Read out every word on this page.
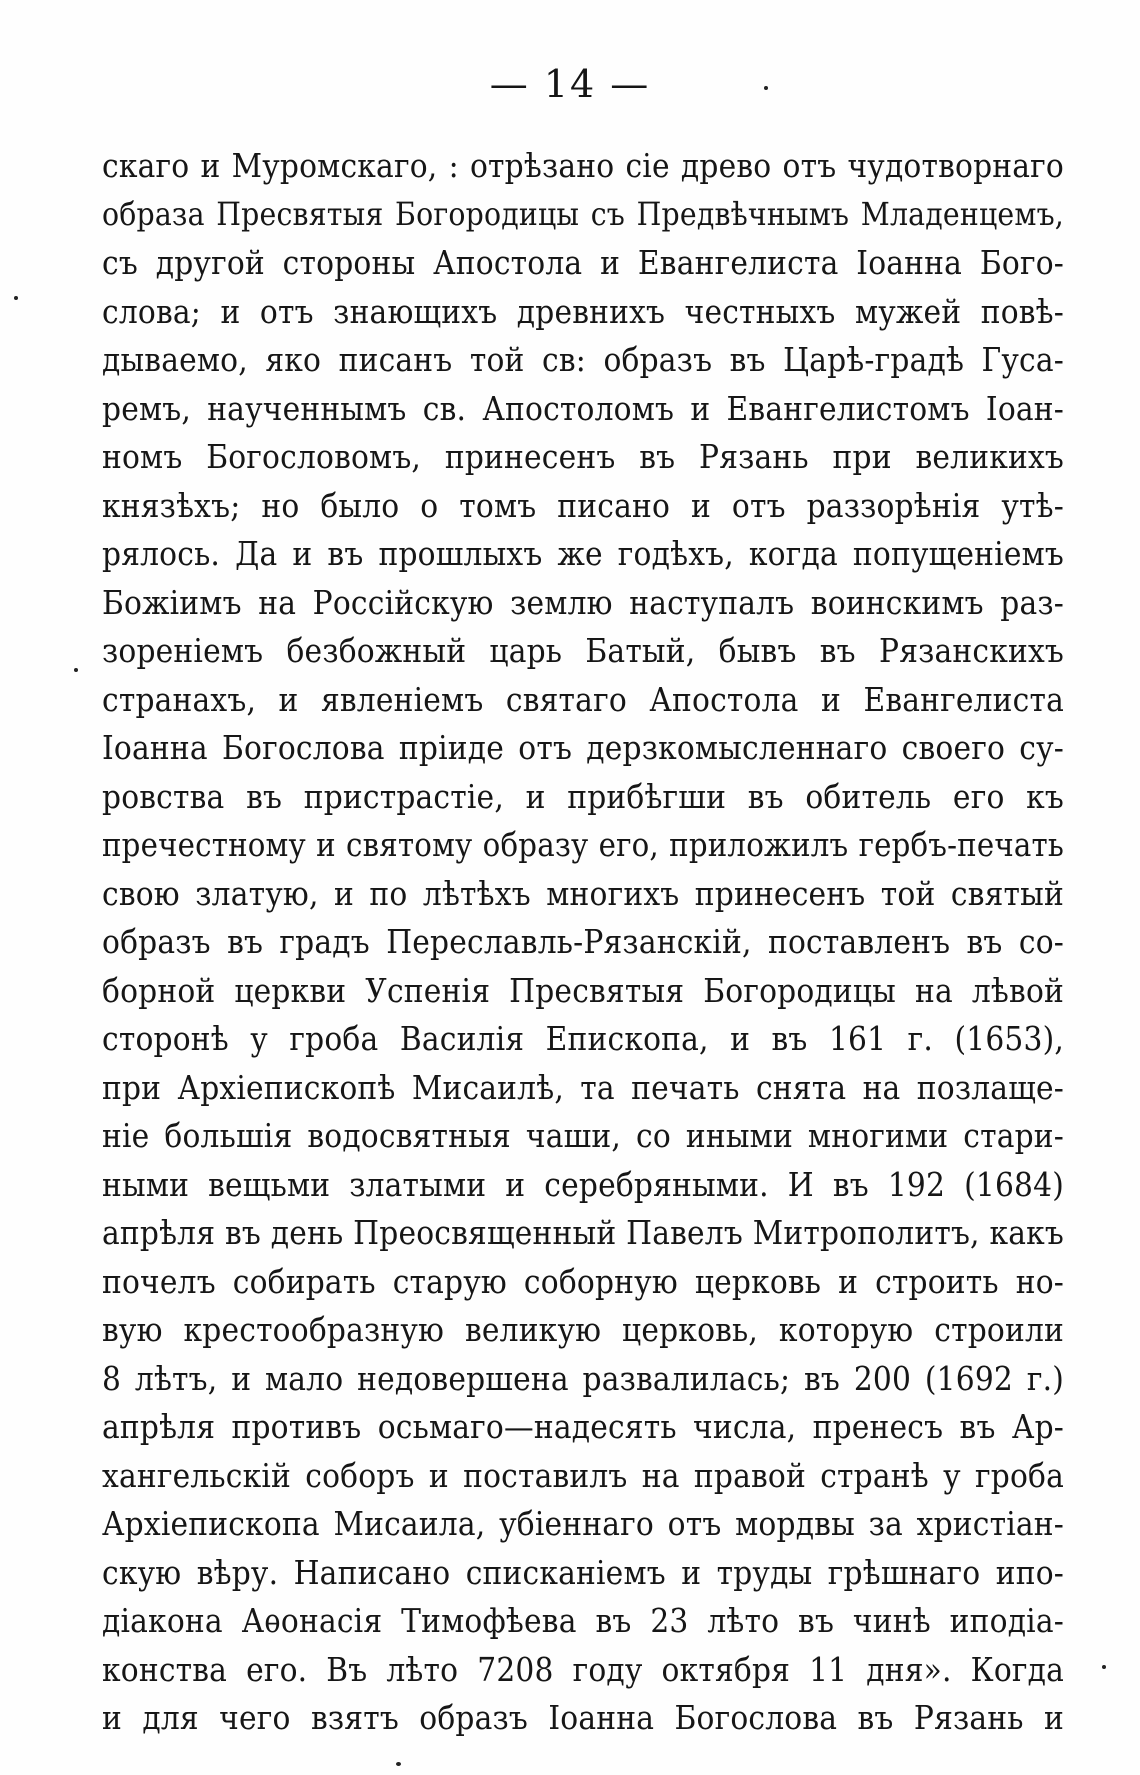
— 14 —
скаго и Муромскаго, : отрѣзано сіе древо отъ чудотворнаго
образа Пресвятыя Богородицы съ Предвѣчнымъ Младенцемъ,
съ другой стороны Апостола и Евангелиста Іоанна Бого-
слова; и отъ знающихъ древнихъ честныхъ мужей повѣ-
дываемо, яко писанъ той св: образъ въ Царѣ-градѣ Гуса-
ремъ, наученнымъ св. Апостоломъ и Евангелистомъ Іоан-
номъ Богословомъ, принесенъ въ Рязань при великихъ
князѣхъ; но было о томъ писано и отъ раззорѣнія утѣ-
рялось. Да и въ прошлыхъ же годѣхъ, когда попущеніемъ
Божіимъ на Россійскую землю наступалъ воинскимъ раз-
зореніемъ безбожный царь Батый, бывъ въ Рязанскихъ
странахъ, и явленіемъ святаго Апостола и Евангелиста
Іоанна Богослова пріиде отъ дерзкомысленнаго своего су-
ровства въ пристрастіе, и прибѣгши въ обитель его къ
пречестному и святому образу его, приложилъ гербъ-печать
свою златую, и по лѣтѣхъ многихъ принесенъ той святый
образъ въ градъ Переславль-Рязанскій, поставленъ въ со-
борной церкви Успенія Пресвятыя Богородицы на лѣвой
сторонѣ у гроба Василія Епископа, и въ 161 г. (1653),
при Архіепископѣ Мисаилѣ, та печать снята на позлаще-
ніе большія водосвятныя чаши, со иными многими стари-
ными вещьми златыми и серебряными. И въ 192 (1684)
апрѣля въ день Преосвященный Павелъ Митрополитъ, какъ
почелъ собирать старую соборную церковь и строить но-
вую крестообразную великую церковь, которую строили
8 лѣтъ, и мало недовершена развалилась; въ 200 (1692 г.)
апрѣля противъ осьмаго—надесять числа, пренесъ въ Ар-
хангельскій соборъ и поставилъ на правой странѣ у гроба
Архіепископа Мисаила, убіеннаго отъ мордвы за христіан-
скую вѣру. Написано списканіемъ и труды грѣшнаго ипо-
діакона Аѳонасія Тимофѣева въ 23 лѣто въ чинѣ иподіа-
конства его. Въ лѣто 7208 году октября 11 дня». Когда
и для чего взятъ образъ Іоанна Богослова въ Рязань и
